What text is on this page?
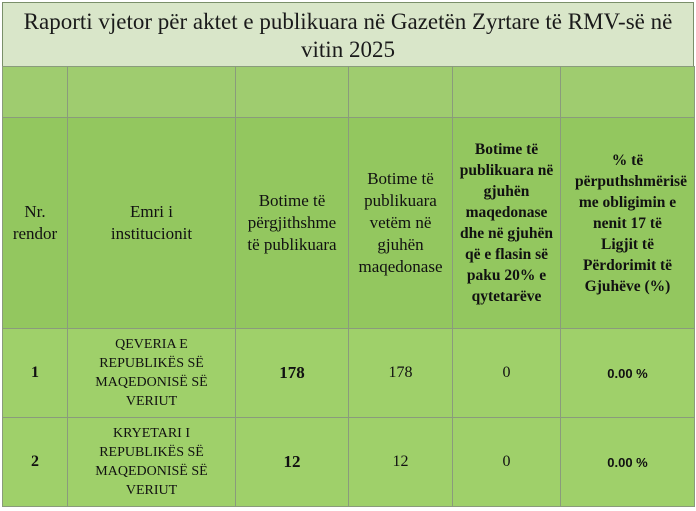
Raporti vjetor për aktet e publikuara në Gazetën Zyrtare të RMV-së në vitin 2025

Nr. rendor	Emri i institucionit	Botime të përgjithshme të publikuara	Botime të publikuara vetëm në gjuhën maqedonase	Botime të publikuara në gjuhën maqedonase dhe në gjuhën që e flasin së paku 20% e qytetarëve	% të përputhshmërisë me obligimin e nenit 17 të Ligjit të Përdorimit të Gjuhëve (%)
1	QEVERIA E REPUBLIKËS SË MAQEDONISË SË VERIUT	178	178	0	0.00 %
2	KRYETARI I REPUBLIKËS SË MAQEDONISË SË VERIUT	12	12	0	0.00 %
